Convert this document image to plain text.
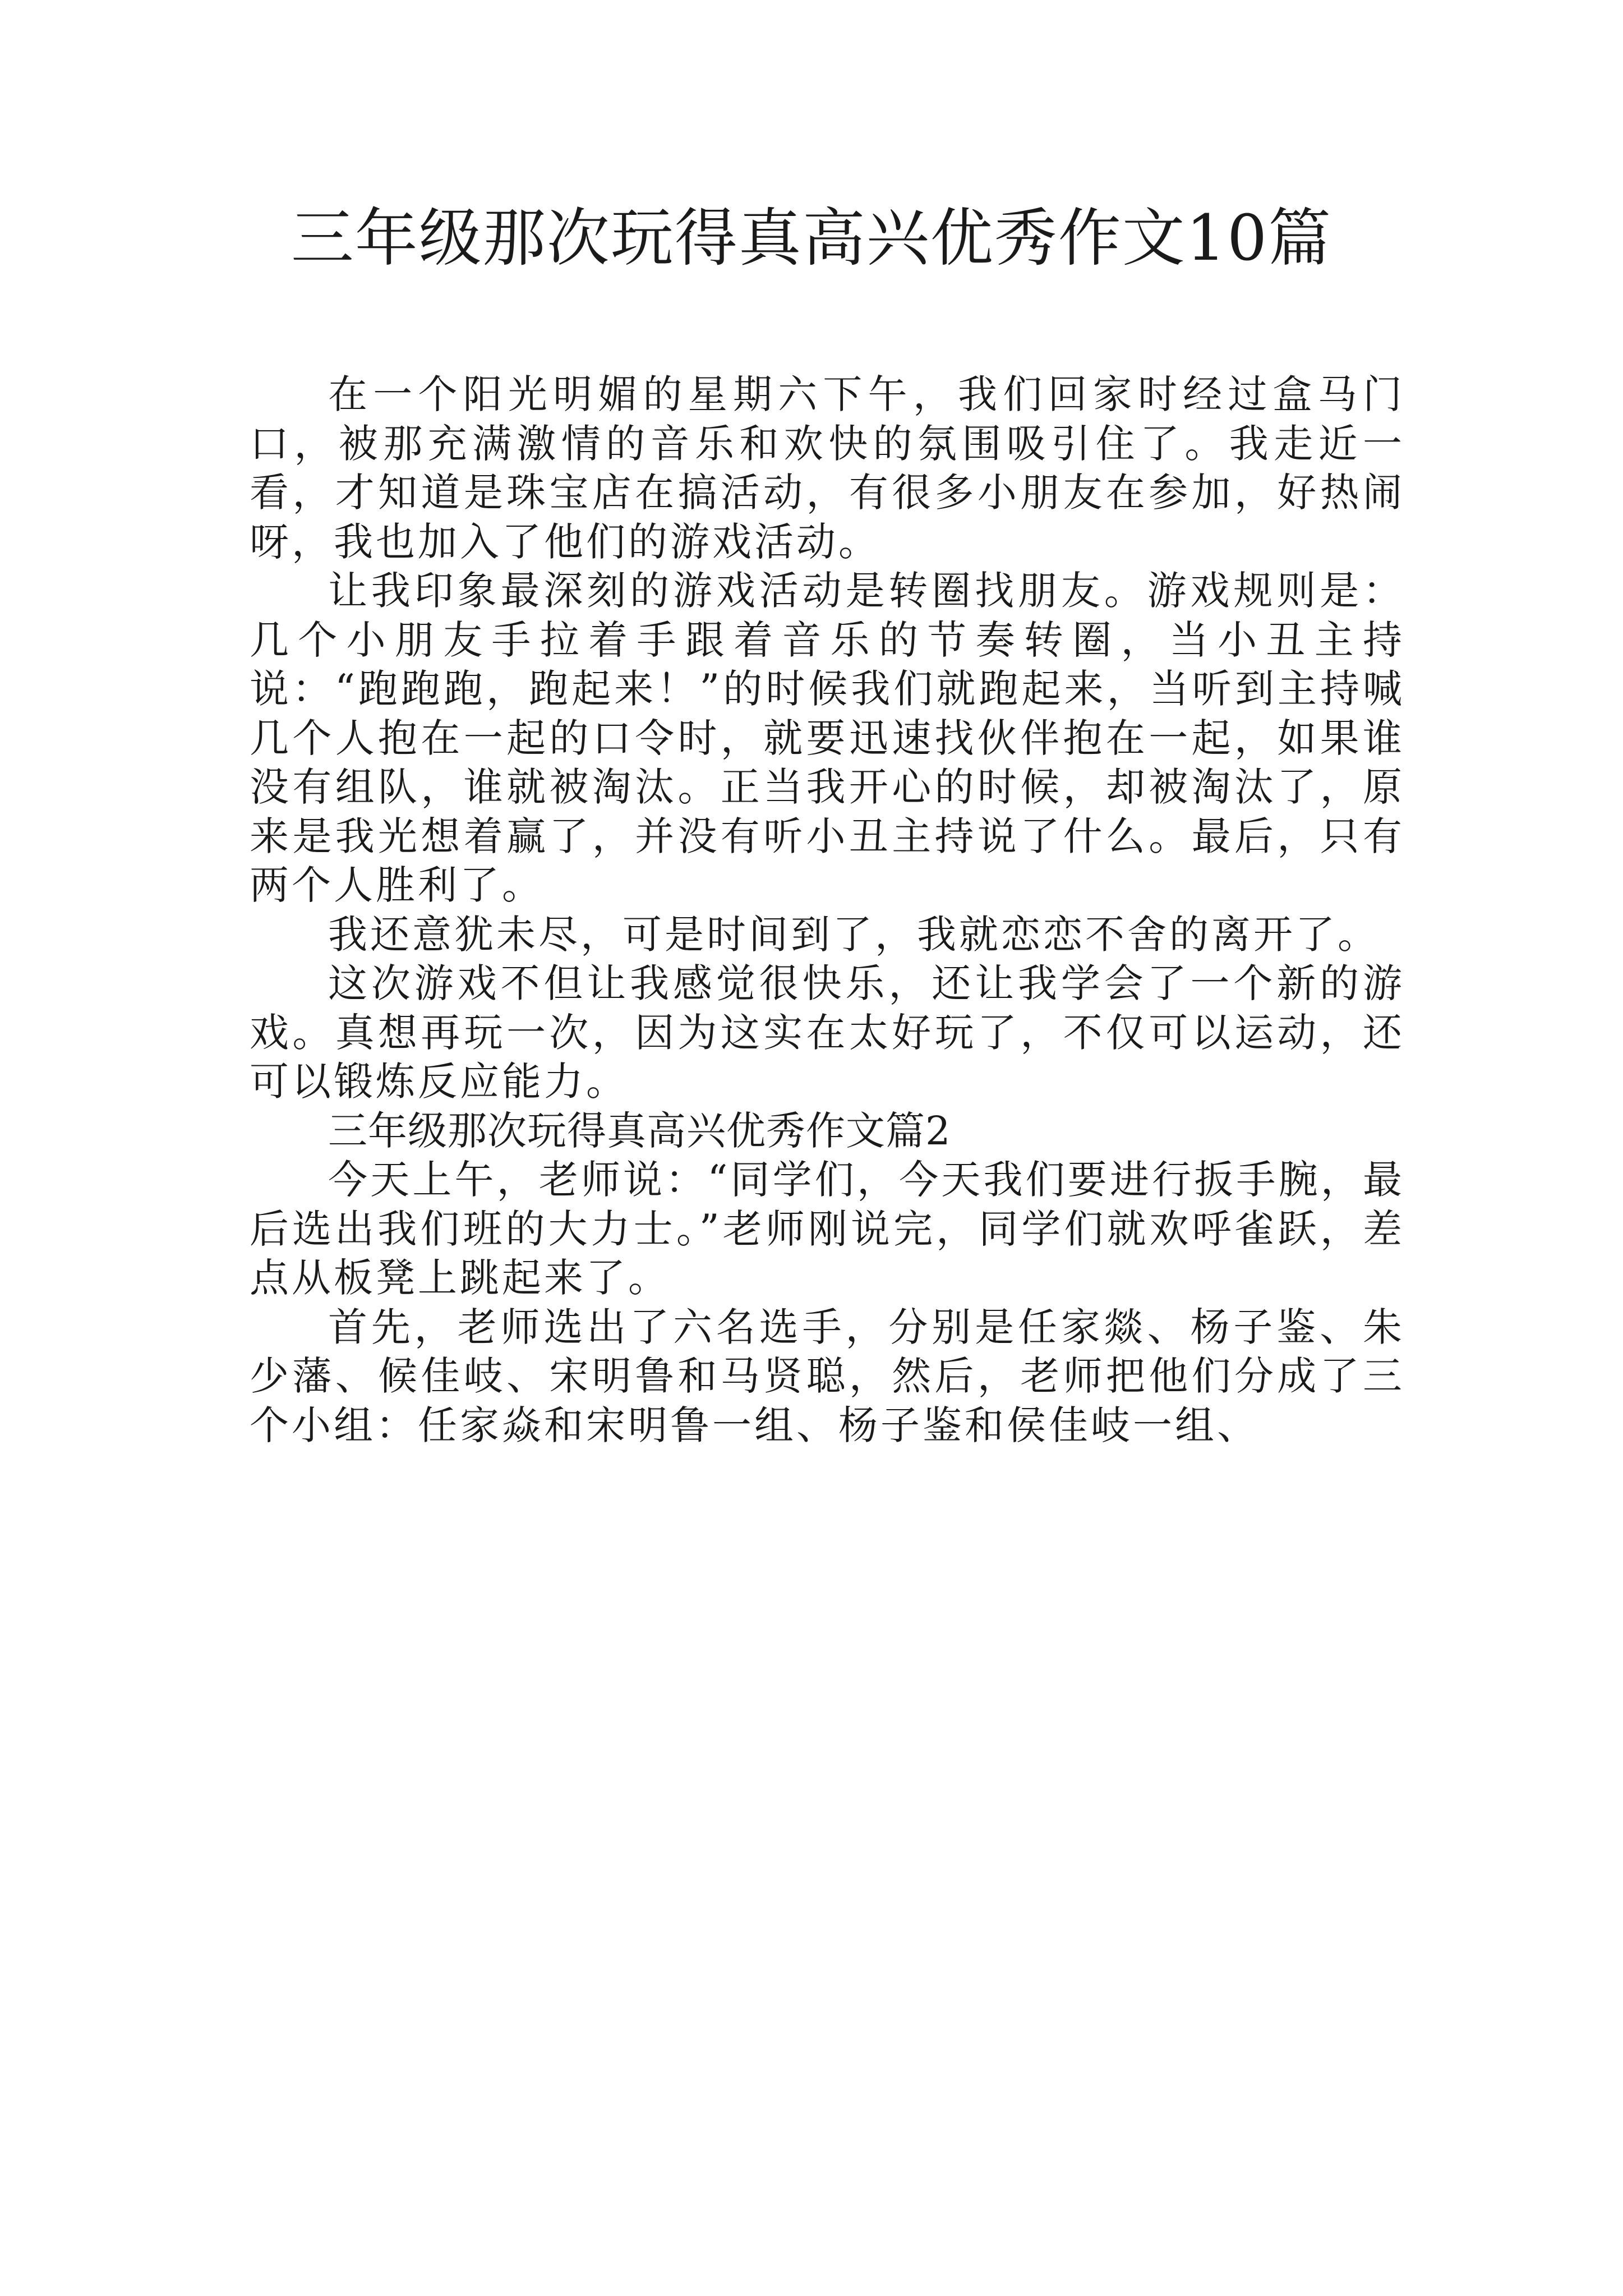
三年级那次玩得真高兴优秀作文10篇

在一个阳光明媚的星期六下午，我们回家时经过盒马门口，被那充满激情的音乐和欢快的氛围吸引住了。我走近一看，才知道是珠宝店在搞活动，有很多小朋友在参加，好热闹呀，我也加入了他们的游戏活动。

让我印象最深刻的游戏活动是转圈找朋友。游戏规则是：几个小朋友手拉着手跟着音乐的节奏转圈，当小丑主持说：“跑跑跑，跑起来！”的时候我们就跑起来，当听到主持喊几个人抱在一起的口令时，就要迅速找伙伴抱在一起，如果谁没有组队，谁就被淘汰。正当我开心的时候，却被淘汰了，原来是我光想着赢了，并没有听小丑主持说了什么。最后，只有两个人胜利了。

我还意犹未尽，可是时间到了，我就恋恋不舍的离开了。

这次游戏不但让我感觉很快乐，还让我学会了一个新的游戏。真想再玩一次，因为这实在太好玩了，不仅可以运动，还可以锻炼反应能力。

三年级那次玩得真高兴优秀作文篇2

今天上午，老师说：“同学们，今天我们要进行扳手腕，最后选出我们班的大力士。”老师刚说完，同学们就欢呼雀跃，差点从板凳上跳起来了。

首先，老师选出了六名选手，分别是任家燚、杨子鉴、朱少藩、候佳岐、宋明鲁和马贤聪，然后，老师把他们分成了三个小组：任家焱和宋明鲁一组、杨子鉴和侯佳岐一组、
